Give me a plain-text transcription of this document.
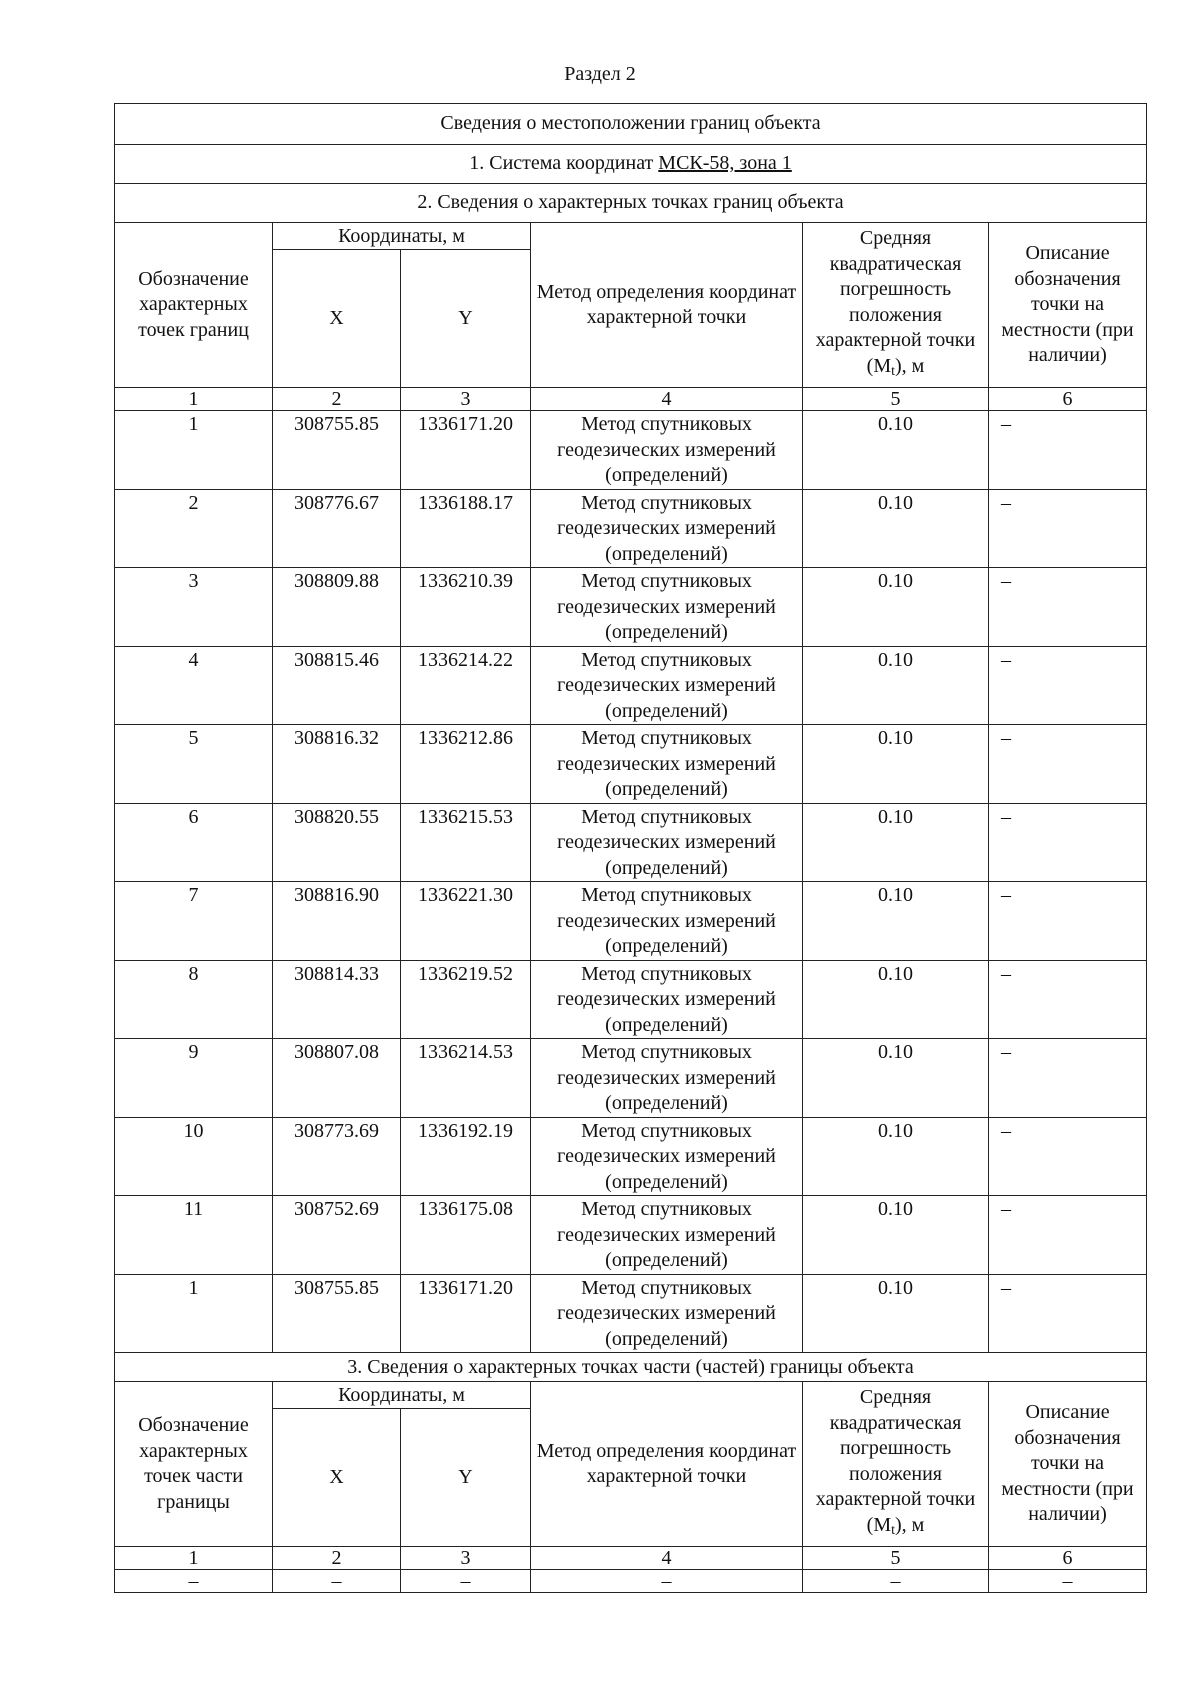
Раздел 2
Сведения о местоположении границ объекта					
1. Система координат МСК-58, зона 1					
2. Сведения о характерных точках границ объекта					
Обозначение характерных точек границ	Координаты, м		Метод определения координат характерной точки	Средняя квадратическая погрешность положения характерной точки $(M_t)$, м	Описание обозначения точки на местности (при наличии)
	X	Y			
1	2	3	4	5	6
1	308755.85	1336171.20	Метод спутниковых геодезических измерений (определений)	0.10	–
2	308776.67	1336188.17	Метод спутниковых геодезических измерений (определений)	0.10	–
3	308809.88	1336210.39	Метод спутниковых геодезических измерений (определений)	0.10	–
4	308815.46	1336214.22	Метод спутниковых геодезических измерений (определений)	0.10	–
5	308816.32	1336212.86	Метод спутниковых геодезических измерений (определений)	0.10	–
6	308820.55	1336215.53	Метод спутниковых геодезических измерений (определений)	0.10	–
7	308816.90	1336221.30	Метод спутниковых геодезических измерений (определений)	0.10	–
8	308814.33	1336219.52	Метод спутниковых геодезических измерений (определений)	0.10	–
9	308807.08	1336214.53	Метод спутниковых геодезических измерений (определений)	0.10	–
10	308773.69	1336192.19	Метод спутниковых геодезических измерений (определений)	0.10	–
11	308752.69	1336175.08	Метод спутниковых геодезических измерений (определений)	0.10	–
1	308755.85	1336171.20	Метод спутниковых геодезических измерений (определений)	0.10	–
3. Сведения о характерных точках части (частей) границы объекта					
Обозначение характерных точек части границы	Координаты, м		Метод определения координат характерной точки	Средняя квадратическая погрешность положения характерной точки $(M_t)$, м	Описание обозначения точки на местности (при наличии)
	X	Y			
1	2	3	4	5	6
–	–	–	–	–	–
